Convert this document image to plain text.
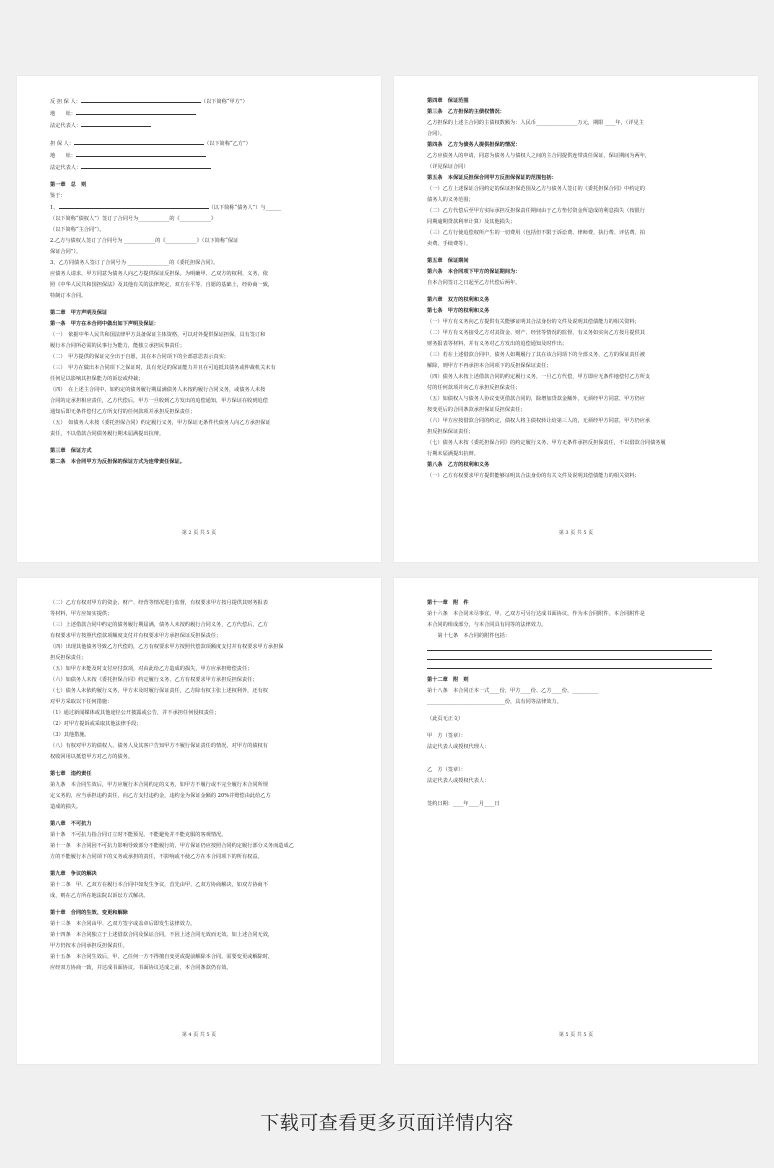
反 担 保 人：	（以下简称“甲方”）
地　　址：
法定代表人：
担 保 人：	（以下简称“乙方”）
地　　址：
法定代表人：
第一章　总　则
鉴于：
1、	（以下简称“债务人”）与______
（以下简称“债权人”）签订了合同号为____________的《____________》
（以下简称“主合同”）。
2.乙方与债权人签订了合同号为 ____________的《____________》（以下简称“保证
保证合同”）。
3、乙方同债务人签订了合同号为 ________________的《委托担保合同》。
应债务人请求，甲方同意为债务人向乙方提供保证反担保。为明确甲、乙双方的权利、义务，依
照《中华人民共和国担保法》及其他有关的法律规定，双方在平等、自愿的基础上，经协商一致，
特制订本合同。
第二章　甲方声明及保证
第一条　甲方在本合同中做出如下声明及保证：
（一）　依据中华人民共和国法律甲方具备保证主体资格，可以对外提供保证担保，具有签订和
履行本合同所必需的民事行为能力，能独立承担民事责任；
（二）　甲方提供的保证完全出于自愿，其在本合同项下的全部意思表示真实；
（三）　甲方在做出本合同项下之保证时，具有充足的保证能力并且在可追抵其债务或仲裁机关未有
任何足以影响其担保能力的诉讼或仲裁；
（四）　在上述主合同中，如约定的债务履行期届满债务人未按约履行合同义务，或债务人未按
合同的定承担相应责任，乙方代偿后，甲方一旦收到乙方发出的追偿通知，甲方保证在收到追偿
通知后即无条件偿付乙方所支付的任何款项并承担反担保责任；
（五）　如债务人未按《委托担保合同》约定履行义务，甲方保证无条件代债务人向乙方承担保证
责任，不以借款合同债务履行期未届满提出抗辩。
第三章　保证方式
第二条　本合同甲方为反担保的保证方式为连带责任保证。
第 2 页 共 5 页
第四章　保证范围
第三条　乙方担保的主债权情况：
乙方担保的上述主合同的主债权数额为：人民币________________万元，期限 ____年，（详见主
合同）。
第四条　乙方为债务人提供担保的情况：
乙方应债务人的申请，同意为债务人与债权人之间的主合同提供连带责任保证，保证期间为两年，
（详见保证合同）
第五条　本保证反担保合同甲方反担保保证的范围包括：
（一）乙方上述保证合同约定的保证担保范围及乙方与债务人签订的《委托担保合同》中约定的
债务人的义务范围；
（二）乙方代偿后至甲方实际承担反担保责任期间由于乙方垫付资金所造成的利息损失（按银行
同期逾期贷款利率计算）及其他损失；
（三）乙方行使追偿权所产生的一切费用（包括但不限于诉讼费、律师费、执行费、评估费、拍
卖费、手续费等）。
第五章　保证期间
第六条　本合同项下甲方的保证期间为：
自本合同签订之日起至乙方代偿后两年。
第六章　双方的权利和义务
第七条　甲方的权利和义务
（一）甲方有义务向乙方提供有关能够证明其合法身份的文件及说明其偿债能力的相关资料；
（二）甲方有义务接受乙方对其资金、财产、经营等情况的监督，有义务如实向乙方按月提供其
财务报表等材料，并有义务对乙方发出的追偿通知及时作出；
（三）若在上述借款合同中，债务人如期履行了其在该合同项下的全部义务，乙方的保证责任被
解除，则甲方不再承担本合同项下的反担保保证责任；
（四）债务人未按上述借款合同的约定履行义务，一旦乙方代偿，甲方即应无条件地偿付乙方所支
付的任何款项并向乙方承担反担保责任；
（五）如债权人与债务人协议变更借款合同的，除增加贷款金额外，无须经甲方同意，甲方仍应
按变更后的合同条款承担保证反担保责任；
（六）甲方应按借款合同的约定，债权人将主债权转让给第三人的，无须经甲方同意，甲方仍应承
担反担保保证责任；
（七）债务人未按《委托担保合同》的约定履行义务，甲方无条件承担反担保责任，不以借款合同债务履
行期未届满提出抗辩。
第八条　乙方的权利和义务
（一）乙方有权要求甲方提供能够证明其合法身份的有关文件及说明其偿债能力的相关资料；
第 3 页 共 5 页
（二）乙方有权对甲方的资金、财产、经营等情况进行监督，有权要求甲方按月提供其财务报表
等材料，甲方应如实提供；
（三）上述借款合同中约定的债务履行期届满，债务人未按约履行合同义务，乙方代偿后，乙方
有权要求甲方按照代偿款项额度支付并有权要求甲方承担保证反担保责任；
（四）出现其他债务导致乙方代偿的，乙方有权要求甲方按照代偿款项额度支付并有权要求甲方承担保
担反担保责任；
（五）如甲方未能及时支付应付款项，对由此给乙方造成的损失，甲方应承担赔偿责任；
（六）如债务人未按《委托担保合同》约定履行义务，乙方有权要求甲方承担反担保责任；
（七）债务人未依约履行义务，甲方未及时履行保证责任，乙方除有权主张上述权利外，还有权
对甲方采取以下任何措施：
（1）通过新闻媒体或其他途径公开披露或公告，并不承担任何侵权责任；
（2）对甲方提诉或采取其他法律手段；
（3）其他措施。
（八）有权对甲方的债权人、债务人及其客户告知甲方不履行保证责任的情况，对甲方的债权有
权收回用以抵偿甲方对乙方的债务。
第七章　违约责任
第九条　本合同生效后，甲方应履行本合同约定的义务，如甲方不履行或不完全履行本合同所规
定义务的，应当承担违约责任，向乙方支付违约金，违约金为保证金额的 20%并赔偿由此给乙方
造成的损失。
第八章　不可抗力
第十条　不可抗力指合同订立时不能预见、不能避免并不能克服的客观情况。
第十一条　本合同因不可抗力影响导致部分不能履行的，甲方保证仍应按照合同约定履行部分义务而造成乙
方的不能履行本合同项下的义务或承担的责任，不影响或不使乙方在本合同项下的所有权益。
第九章　争议的解决
第十二条　甲、乙双方在履行本合同中如发生争议，首先由甲、乙双方协商解决，如双方协商不
成，则在乙方所在地法院以诉讼方式解决。
第十章　合同的生效、变更和解除
第十三条　本合同由甲、乙双方签字或盖章后即发生法律效力。
第十四条　本合同独立于上述借款合同及保证合同，不因上述合同无效而无效。如上述合同无效，
甲方仍按本合同承担反担保责任。
第十五条　本合同生效后，甲、乙任何一方不得擅自变更或提前解除本合同。需要变更或解除时，
应经双方协商一致，并达成书面协议。书面协议达成之前，本合同条款仍有效。
第 4 页 共 5 页
第十一章　附　件
第十六条　本合同未尽事宜，甲、乙双方可另行达成书面协议，作为本合同附件。本合同附件是
本合同的组成部分，与本合同具有同等的法律效力。
　　第十七条　本合同的附件包括：
第十二章　附　则
第十八条　本合同正本一式____份，甲方____份、乙方____份，__________
______________________________份，具有同等法律效力。
（此页无正文）
甲　方（签章）：
法定代表人或授权代理人：
乙　方（签章）：
法定代表人或授权代表人：
签约日期：____年____月____日
第 5 页 共 5 页
下载可查看更多页面详情内容
